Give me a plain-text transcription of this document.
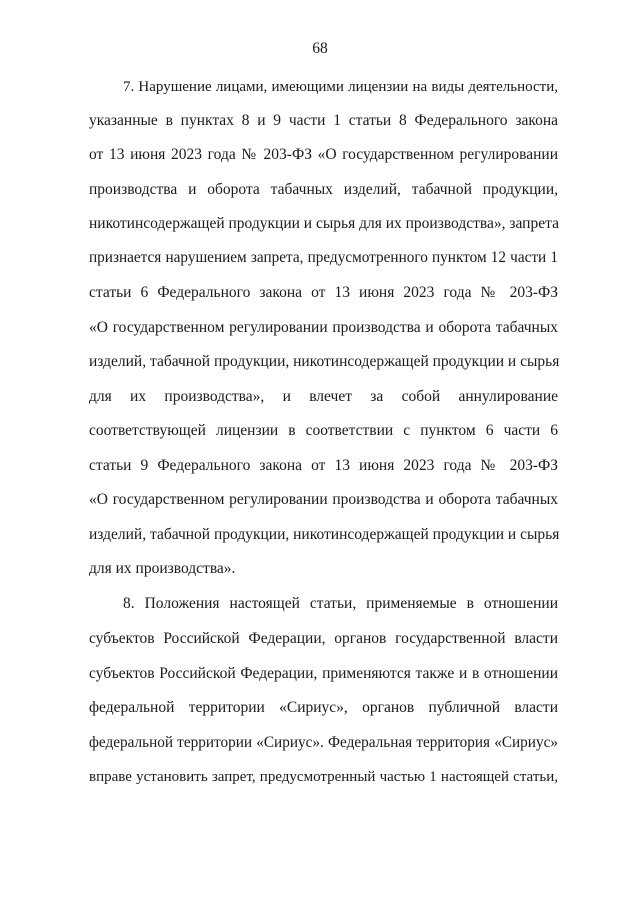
68
7. Нарушение лицами, имеющими лицензии на виды деятельности,
указанные в пунктах 8 и 9 части 1 статьи 8 Федерального закона
от 13 июня 2023 года № 203-ФЗ «О государственном регулировании
производства и оборота табачных изделий, табачной продукции,
никотинсодержащей продукции и сырья для их производства», запрета
признается нарушением запрета, предусмотренного пунктом 12 части 1
статьи 6 Федерального закона от 13 июня 2023 года № 203-ФЗ
«О государственном регулировании производства и оборота табачных
изделий, табачной продукции, никотинсодержащей продукции и сырья
для их производства», и влечет за собой аннулирование
соответствующей лицензии в соответствии с пунктом 6 части 6
статьи 9 Федерального закона от 13 июня 2023 года № 203-ФЗ
«О государственном регулировании производства и оборота табачных
изделий, табачной продукции, никотинсодержащей продукции и сырья
для их производства».
8. Положения настоящей статьи, применяемые в отношении
субъектов Российской Федерации, органов государственной власти
субъектов Российской Федерации, применяются также и в отношении
федеральной территории «Сириус», органов публичной власти
федеральной территории «Сириус». Федеральная территория «Сириус»
вправе установить запрет, предусмотренный частью 1 настоящей статьи,
